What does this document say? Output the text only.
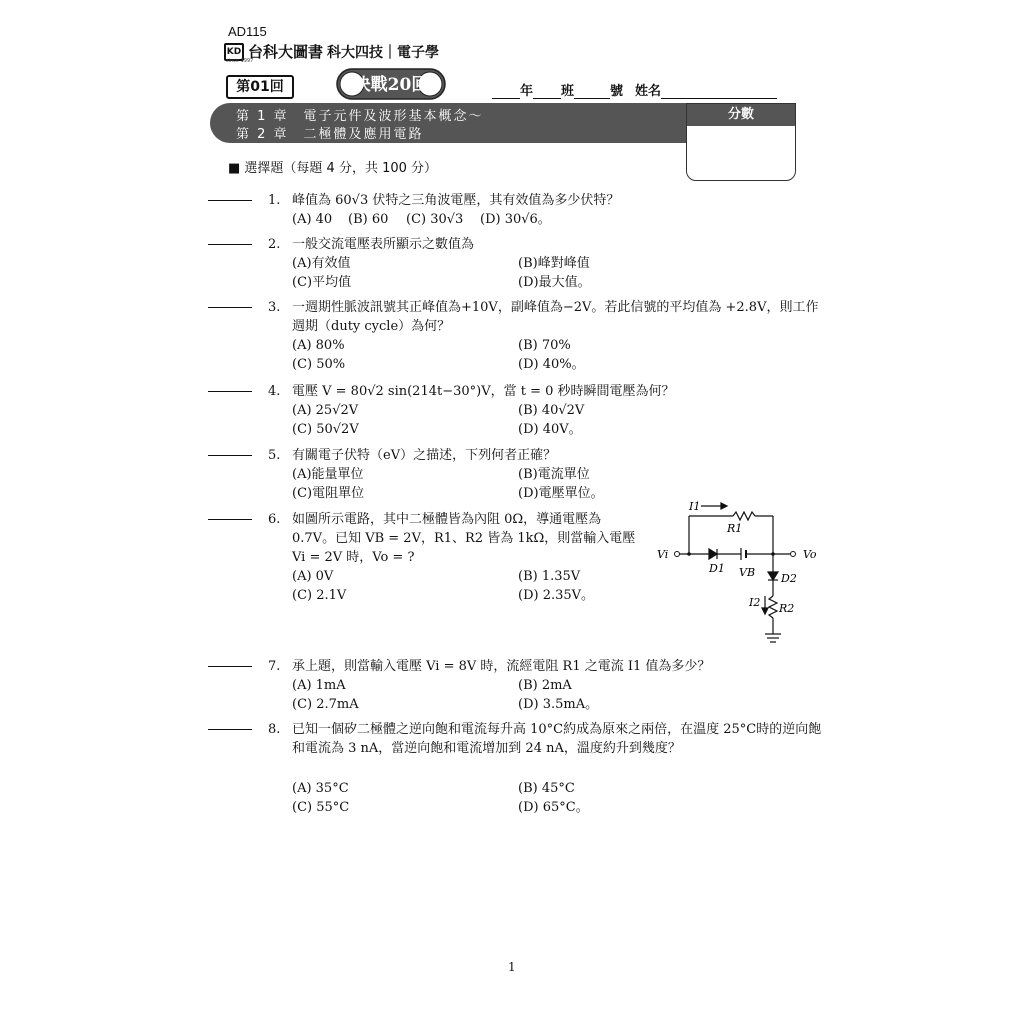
AD115
KD 台科大圖書 科大四技｜電子學
since 1997
第01回	決戰20回	年 班	號 姓名
第 1 章　電子元件及波形基本概念～
第 2 章　二極體及應用電路
分數
■ 選擇題（每題 4 分，共 100 分）
1. 峰值為 60√3 伏特之三角波電壓，其有效值為多少伏特？
(A) 40 (B) 60 (C) 30√3 (D) 30√6。
2. 一般交流電壓表所顯示之數值為
(A)有效值	(B)峰對峰值
(C)平均值	(D)最大值。
3. 一週期性脈波訊號其正峰值為+10V，副峰值為−2V。若此信號的平均值為 +2.8V，則工作週期（duty cycle）為何？
(A) 80%	(B) 70%
(C) 50%	(D) 40%。
4. 電壓 V = 80√2 sin(214t−30°)V，當 t = 0 秒時瞬間電壓為何？
(A) 25√2V	(B) 40√2V
(C) 50√2V	(D) 40V。
5. 有關電子伏特（eV）之描述，下列何者正確？
(A)能量單位	(B)電流單位
(C)電阻單位	(D)電壓單位。
6. 如圖所示電路，其中二極體皆為內阻 0Ω，導通電壓為 0.7V。已知 VB = 2V，R1、R2 皆為 1kΩ，則當輸入電壓 Vi = 2V 時，Vo = ?
(A) 0V	(B) 1.35V
(C) 2.1V	(D) 2.35V。
I1
R1
Vi	Vo
D1 VB D2
I2 R2
7. 承上題，則當輸入電壓 Vi = 8V 時，流經電阻 R1 之電流 I1 值為多少？
(A) 1mA	(B) 2mA
(C) 2.7mA	(D) 3.5mA。
8. 已知一個矽二極體之逆向飽和電流每升高 10°C約成為原來之兩倍，在溫度 25°C時的逆向飽和電流為 3 nA，當逆向飽和電流增加到 24 nA，溫度約升到幾度？
(A) 35°C	(B) 45°C
(C) 55°C	(D) 65°C。
1
